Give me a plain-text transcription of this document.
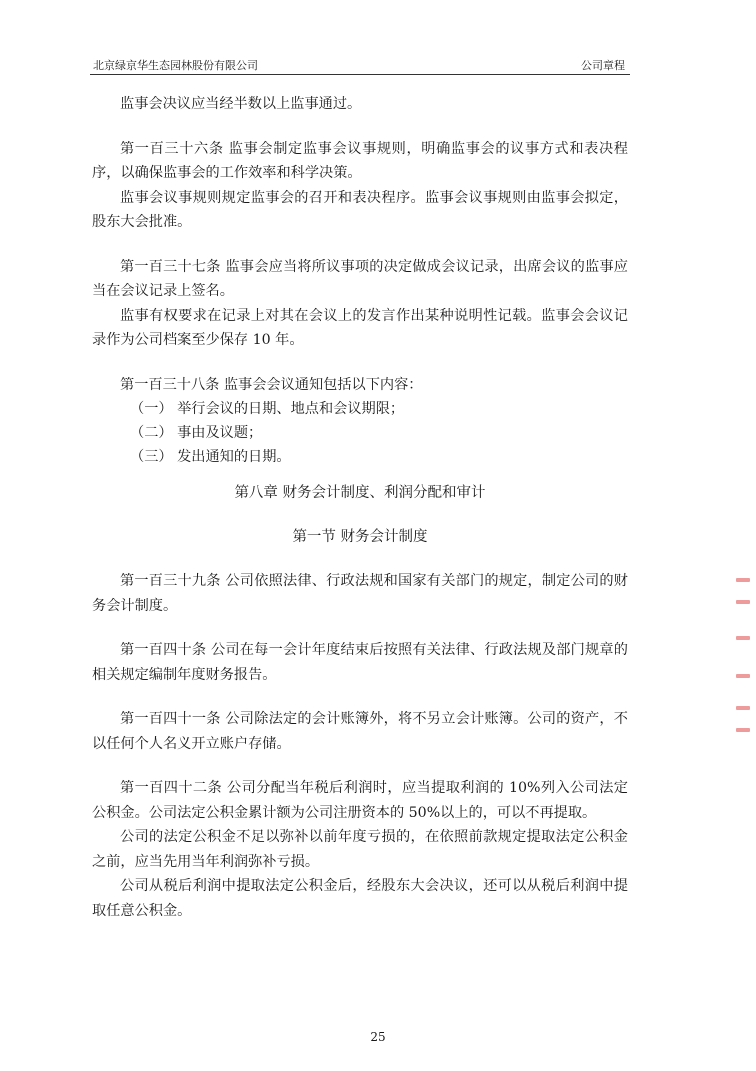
北京绿京华生态园林股份有限公司	公司章程

监事会决议应当经半数以上监事通过。

第一百三十六条 监事会制定监事会议事规则，明确监事会的议事方式和表决程序，以确保监事会的工作效率和科学决策。

监事会议事规则规定监事会的召开和表决程序。监事会议事规则由监事会拟定，股东大会批准。

第一百三十七条 监事会应当将所议事项的决定做成会议记录，出席会议的监事应当在会议记录上签名。

监事有权要求在记录上对其在会议上的发言作出某种说明性记载。监事会会议记录作为公司档案至少保存 10 年。

第一百三十八条 监事会会议通知包括以下内容：

（一） 举行会议的日期、地点和会议期限；

（二） 事由及议题；

（三） 发出通知的日期。

第八章 财务会计制度、利润分配和审计

第一节 财务会计制度

第一百三十九条 公司依照法律、行政法规和国家有关部门的规定，制定公司的财务会计制度。

第一百四十条 公司在每一会计年度结束后按照有关法律、行政法规及部门规章的相关规定编制年度财务报告。

第一百四十一条 公司除法定的会计账簿外，将不另立会计账簿。公司的资产，不以任何个人名义开立账户存储。

第一百四十二条 公司分配当年税后利润时，应当提取利润的 10%列入公司法定公积金。公司法定公积金累计额为公司注册资本的 50%以上的，可以不再提取。

公司的法定公积金不足以弥补以前年度亏损的，在依照前款规定提取法定公积金之前，应当先用当年利润弥补亏损。

公司从税后利润中提取法定公积金后，经股东大会决议，还可以从税后利润中提取任意公积金。

25
